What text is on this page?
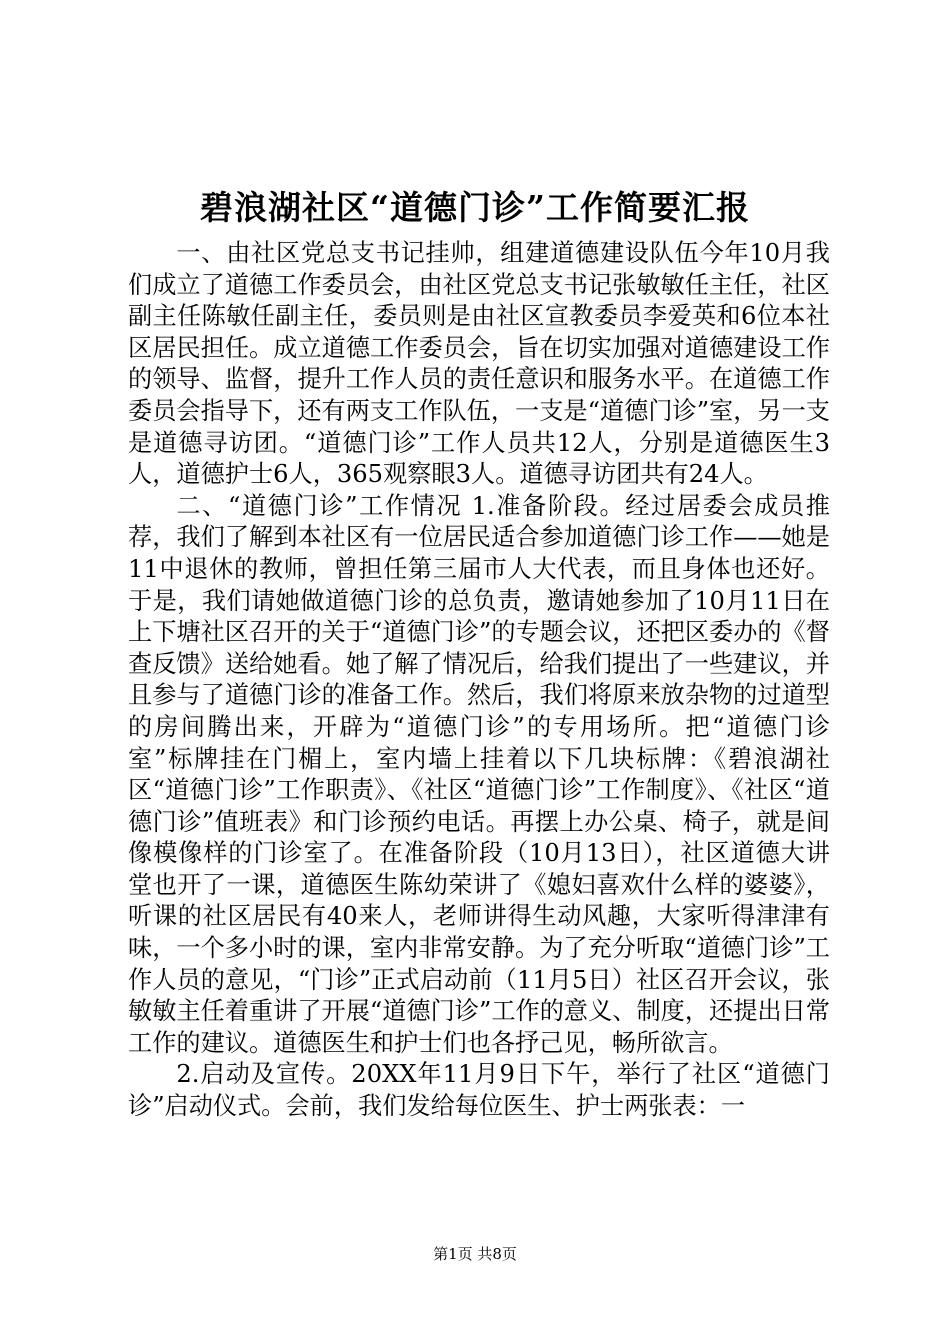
碧浪湖社区“道德门诊”工作简要汇报

一、由社区党总支书记挂帅，组建道德建设队伍今年10月我们成立了道德工作委员会，由社区党总支书记张敏敏任主任，社区副主任陈敏任副主任，委员则是由社区宣教委员李爱英和6位本社区居民担任。成立道德工作委员会，旨在切实加强对道德建设工作的领导、监督，提升工作人员的责任意识和服务水平。在道德工作委员会指导下，还有两支工作队伍，一支是“道德门诊”室，另一支是道德寻访团。“道德门诊”工作人员共12人，分别是道德医生3人，道德护士6人，365观察眼3人。道德寻访团共有24人。

二、“道德门诊”工作情况 1.准备阶段。经过居委会成员推荐，我们了解到本社区有一位居民适合参加道德门诊工作——她是11中退休的教师，曾担任第三届市人大代表，而且身体也还好。于是，我们请她做道德门诊的总负责，邀请她参加了10月11日在上下塘社区召开的关于“道德门诊”的专题会议，还把区委办的《督查反馈》送给她看。她了解了情况后，给我们提出了一些建议，并且参与了道德门诊的准备工作。然后，我们将原来放杂物的过道型的房间腾出来，开辟为“道德门诊”的专用场所。把“道德门诊室”标牌挂在门楣上，室内墙上挂着以下几块标牌：《碧浪湖社区“道德门诊”工作职责》、《社区“道德门诊”工作制度》、《社区“道德门诊”值班表》和门诊预约电话。再摆上办公桌、椅子，就是间像模像样的门诊室了。在准备阶段（10月13日），社区道德大讲堂也开了一课，道德医生陈幼荣讲了《媳妇喜欢什么样的婆婆》，听课的社区居民有40来人，老师讲得生动风趣，大家听得津津有味，一个多小时的课，室内非常安静。为了充分听取“道德门诊”工作人员的意见，“门诊”正式启动前（11月5日）社区召开会议，张敏敏主任着重讲了开展“道德门诊”工作的意义、制度，还提出日常工作的建议。道德医生和护士们也各抒己见，畅所欲言。

2.启动及宣传。20XX年11月9日下午，举行了社区“道德门诊”启动仪式。会前，我们发给每位医生、护士两张表：一

第1页 共8页
